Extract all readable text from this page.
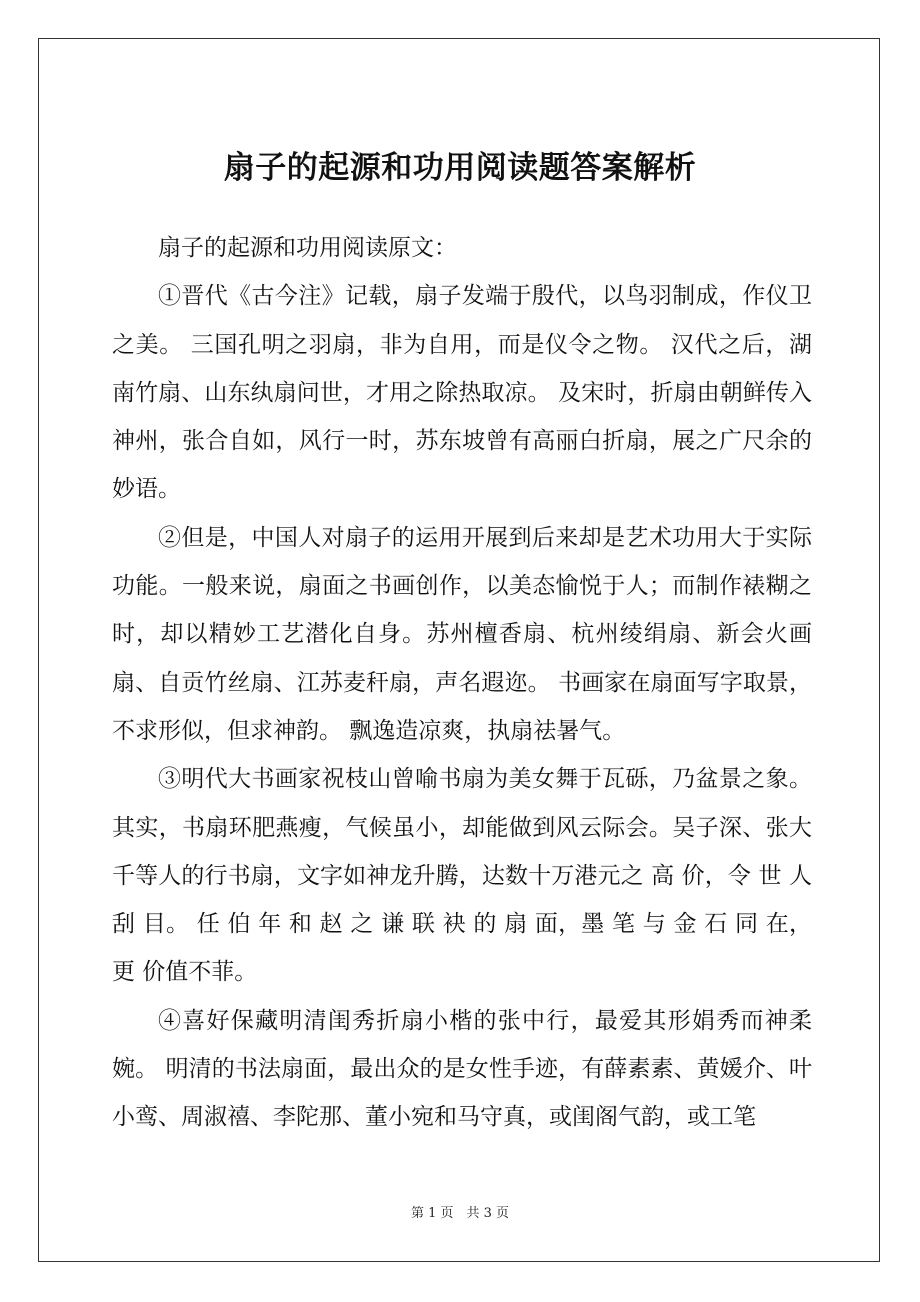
扇子的起源和功用阅读题答案解析

扇子的起源和功用阅读原文：

①晋代《古今注》记载，扇子发端于殷代，以鸟羽制成，作仪卫之美。 三国孔明之羽扇，非为自用，而是仪令之物。 汉代之后，湖南竹扇、山东纨扇问世，才用之除热取凉。 及宋时，折扇由朝鲜传入神州，张合自如，风行一时，苏东坡曾有高丽白折扇，展之广尺余的妙语。

②但是，中国人对扇子的运用开展到后来却是艺术功用大于实际功能。一般来说，扇面之书画创作，以美态愉悦于人；而制作裱糊之时，却以精妙工艺潜化自身。苏州檀香扇、杭州绫绢扇、新会火画扇、自贡竹丝扇、江苏麦秆扇，声名遐迩。 书画家在扇面写字取景，不求形似，但求神韵。 飘逸造凉爽，执扇祛暑气。

③明代大书画家祝枝山曾喻书扇为美女舞于瓦砾，乃盆景之象。其实，书扇环肥燕瘦，气候虽小，却能做到风云际会。吴子深、张大千等人的行书扇，文字如神龙升腾，达数十万港元之 高 价，令 世 人 刮 目。 任 伯 年 和 赵 之 谦 联 袂 的 扇 面，墨 笔 与 金 石 同 在，更 价值不菲。

④喜好保藏明清闺秀折扇小楷的张中行，最爱其形娟秀而神柔婉。 明清的书法扇面，最出众的是女性手迹，有薛素素、黄媛介、叶小鸾、周淑禧、李陀那、董小宛和马守真，或闺阁气韵，或工笔

第 1 页　共 3 页
